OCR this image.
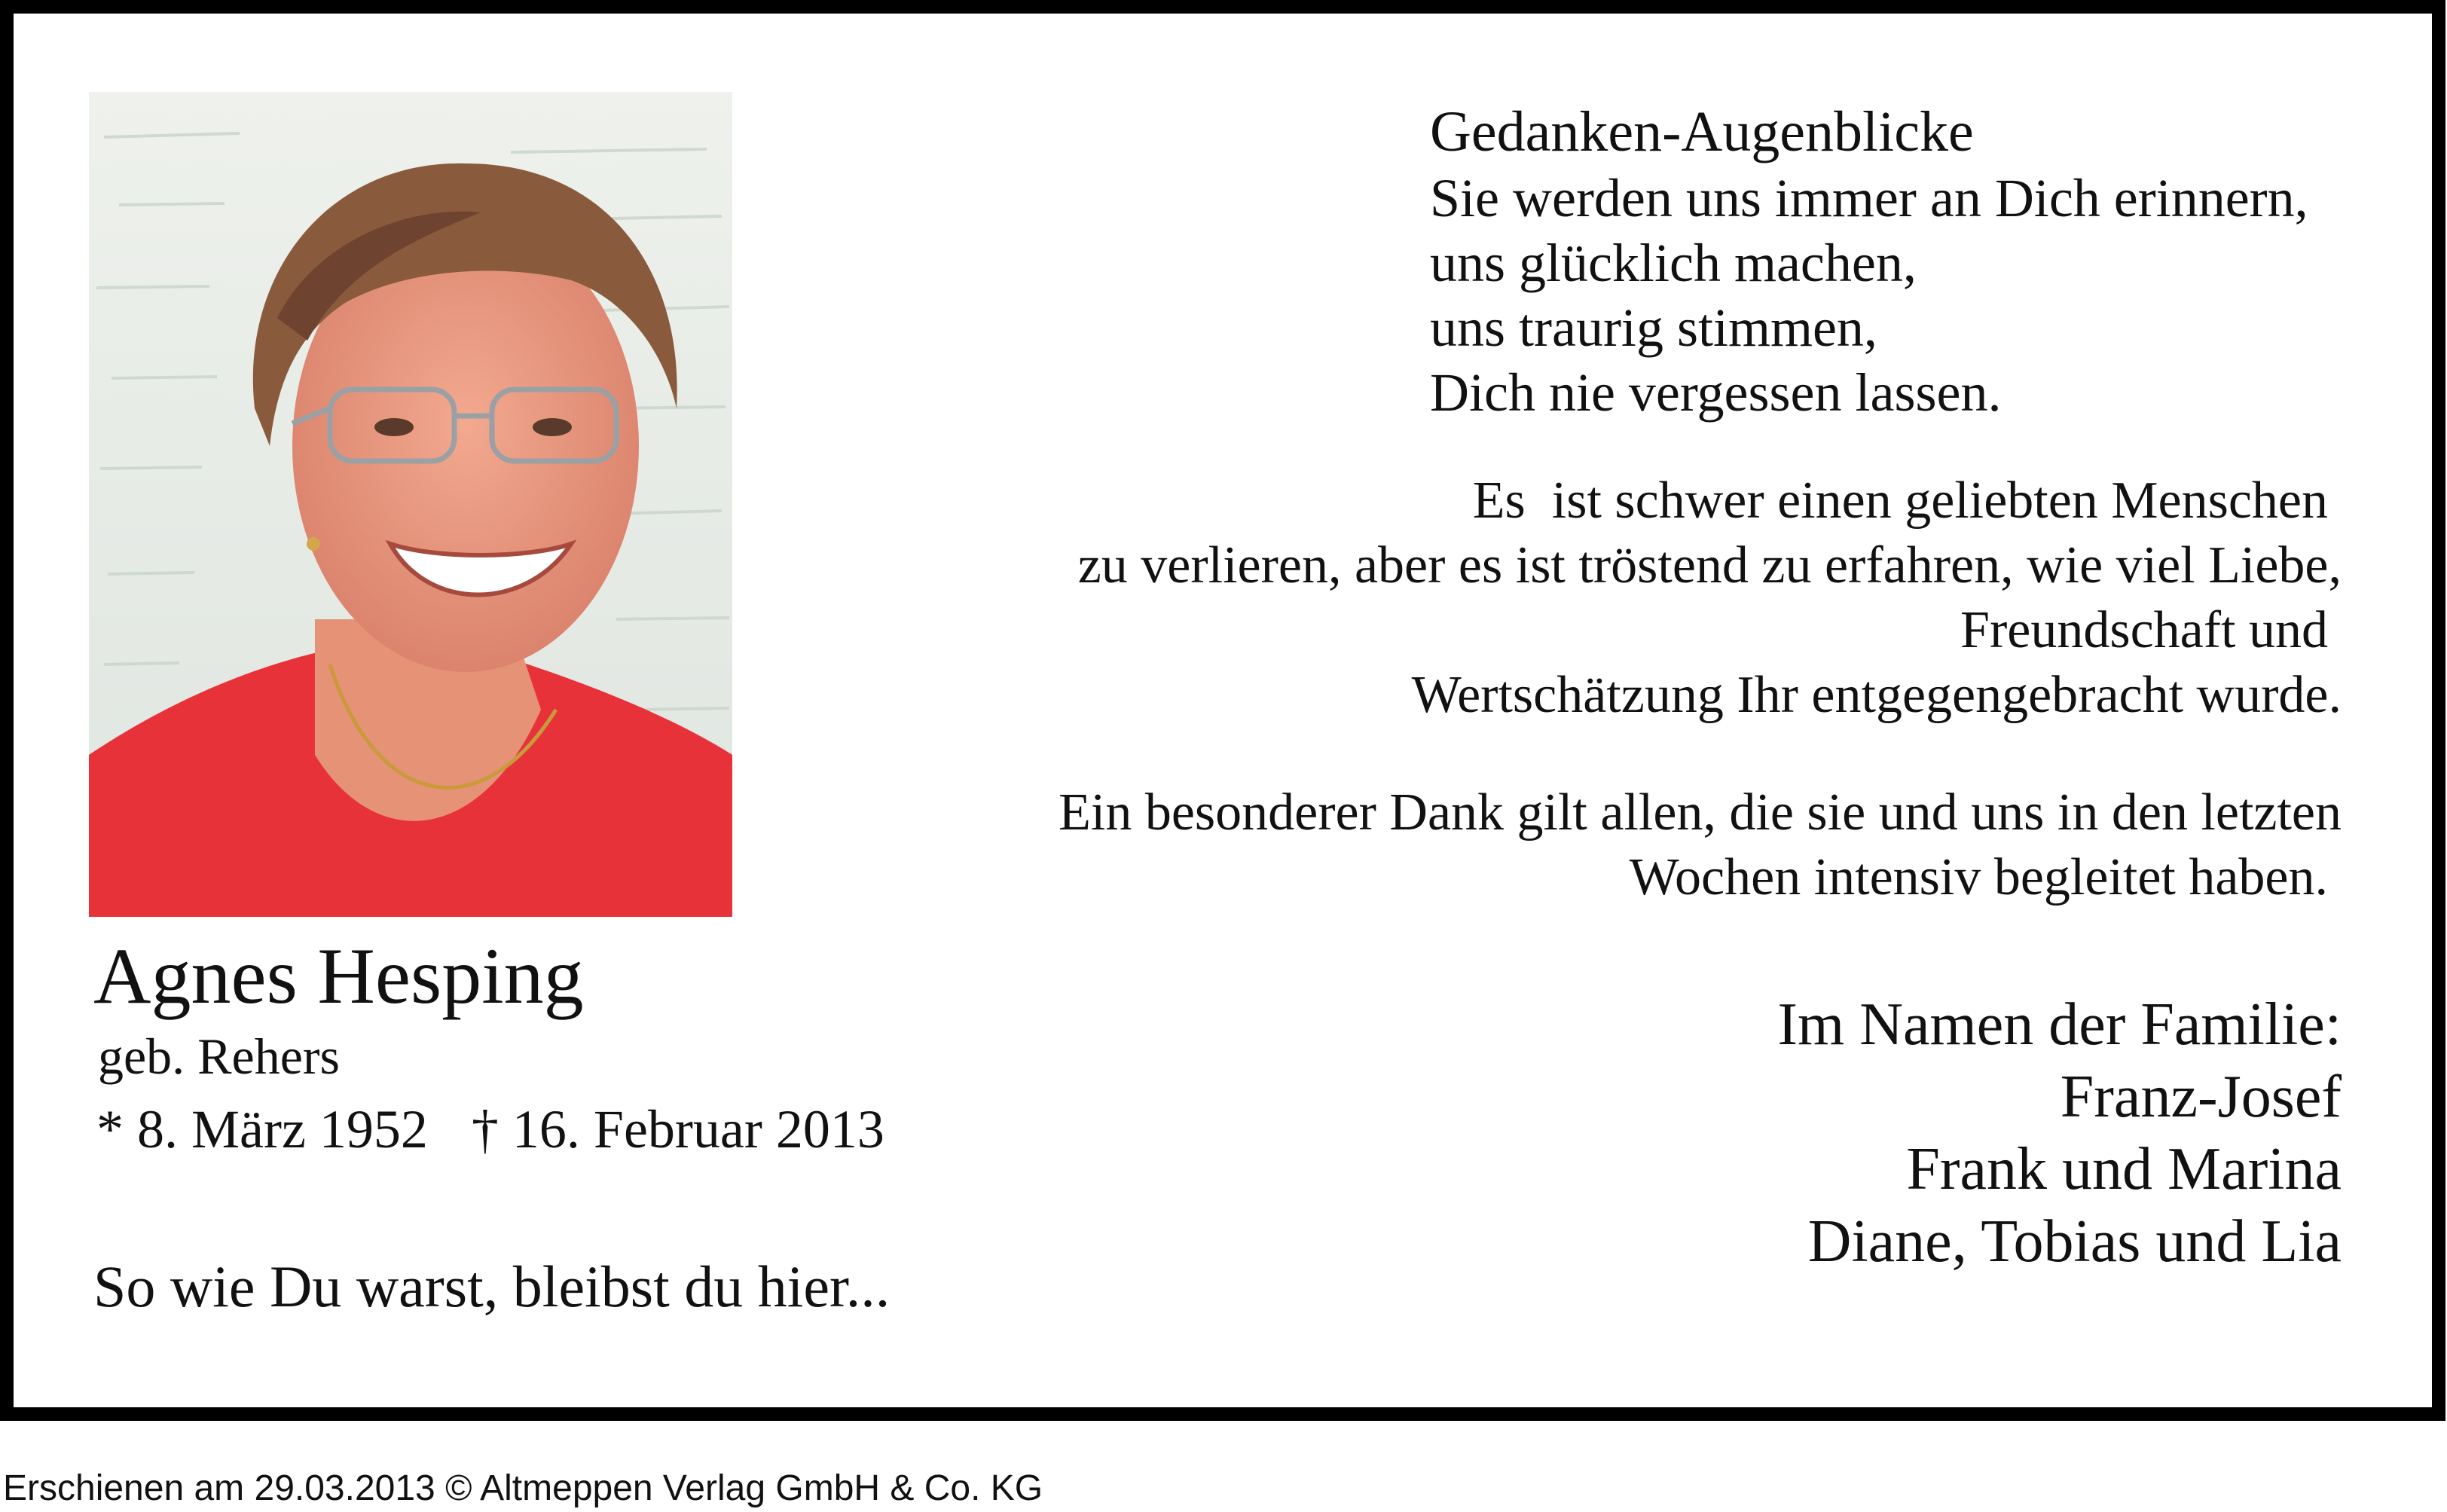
Agnes Hesping
geb. Rehers
* 8. März 1952 † 16. Februar 2013
So wie Du warst, bleibst du hier...
Gedanken-Augenblicke
Sie werden uns immer an Dich erinnern,
uns glücklich machen,
uns traurig stimmen,
Dich nie vergessen lassen.
Es  ist schwer einen geliebten Menschen
zu verlieren, aber es ist tröstend zu erfahren, wie viel Liebe,
Freundschaft und
Wertschätzung Ihr entgegengebracht wurde.
Ein besonderer Dank gilt allen, die sie und uns in den letzten
Wochen intensiv begleitet haben.
Im Namen der Familie:
Franz-Josef
Frank und Marina
Diane, Tobias und Lia
Erschienen am 29.03.2013 © Altmeppen Verlag GmbH & Co. KG
